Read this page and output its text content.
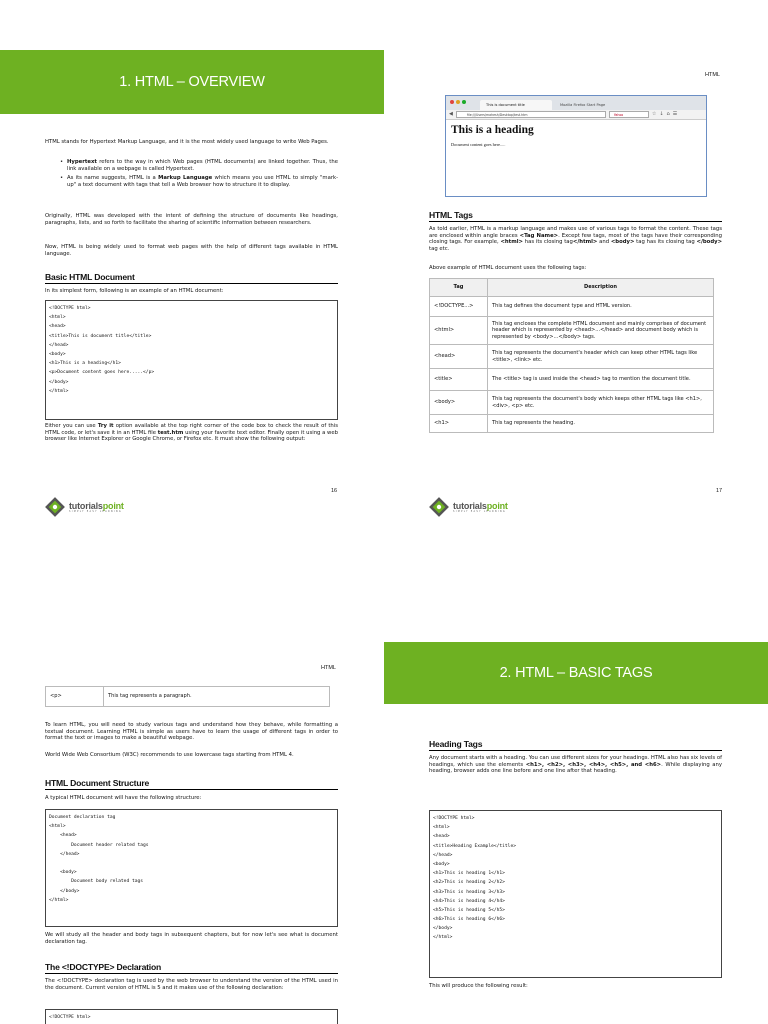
1. HTML – OVERVIEW
HTML stands for Hypertext Markup Language, and it is the most widely used language to write Web Pages.
• Hypertext refers to the way in which Web pages (HTML documents) are linked together. Thus, the link available on a webpage is called Hypertext.
• As its name suggests, HTML is a Markup Language which means you use HTML to simply "mark-up" a text document with tags that tell a Web browser how to structure it to display.
Originally, HTML was developed with the intent of defining the structure of documents like headings, paragraphs, lists, and so forth to facilitate the sharing of scientific information between researchers.
Now, HTML is being widely used to format web pages with the help of different tags available in HTML language.
Basic HTML Document
In its simplest form, following is an example of an HTML document:
<!DOCTYPE html>
<html>
<head>
<title>This is document title</title>
</head>
<body>
<h1>This is a heading</h1>
<p>Document content goes here.....</p>
</body>
</html>
Either you can use Try it option available at the top right corner of the code box to check the result of this HTML code, or let's save it in an HTML file test.htm using your favorite text editor. Finally open it using a web browser like Internet Explorer or Google Chrome, or Firefox etc. It must show the following output:
16
tutorialspoint
SIMPLY EASY LEARNING
HTML
This is document title	Mozilla Firefox Start Page
◀	file:///Users/mahesh/Desktop/test.htm	Yahoo	☆ ↓ ⌂ ☰
This is a heading
Document content goes here.....
HTML Tags
As told earlier, HTML is a markup language and makes use of various tags to format the content. These tags are enclosed within angle braces <Tag Name>. Except few tags, most of the tags have their corresponding closing tags. For example, <html> has its closing tag</html> and <body> tag has its closing tag </body> tag etc.
Above example of HTML document uses the following tags:
Tag	Description
<!DOCTYPE...>	This tag defines the document type and HTML version.
<html>	This tag encloses the complete HTML document and mainly comprises of document header which is represented by <head>...</head> and document body which is represented by <body>...</body> tags.
<head>	This tag represents the document's header which can keep other HTML tags like <title>, <link> etc.
<title>	The <title> tag is used inside the <head> tag to mention the document title.
<body>	This tag represents the document's body which keeps other HTML tags like <h1>, <div>, <p> etc.
<h1>	This tag represents the heading.
17
tutorialspoint
SIMPLY EASY LEARNING
HTML
<p>	This tag represents a paragraph.
To learn HTML, you will need to study various tags and understand how they behave, while formatting a textual document. Learning HTML is simple as users have to learn the usage of different tags in order to format the text or images to make a beautiful webpage.
World Wide Web Consortium (W3C) recommends to use lowercase tags starting from HTML 4.
HTML Document Structure
A typical HTML document will have the following structure:
Document declaration tag
<html>
<head>
Document header related tags
</head>
<body>
Document body related tags
</body>
</html>
We will study all the header and body tags in subsequent chapters, but for now let's see what is document declaration tag.
The <!DOCTYPE> Declaration
The <!DOCTYPE> declaration tag is used by the web browser to understand the version of the HTML used in the document. Current version of HTML is 5 and it makes use of the following declaration:
<!DOCTYPE html>
2. HTML – BASIC TAGS
Heading Tags
Any document starts with a heading. You can use different sizes for your headings. HTML also has six levels of headings, which use the elements <h1>, <h2>, <h3>, <h4>, <h5>, and <h6>. While displaying any heading, browser adds one line before and one line after that heading.
<!DOCTYPE html>
<html>
<head>
<title>Heading Example</title>
</head>
<body>
<h1>This is heading 1</h1>
<h2>This is heading 2</h2>
<h3>This is heading 3</h3>
<h4>This is heading 4</h4>
<h5>This is heading 5</h5>
<h6>This is heading 6</h6>
</body>
</html>
This will produce the following result:
